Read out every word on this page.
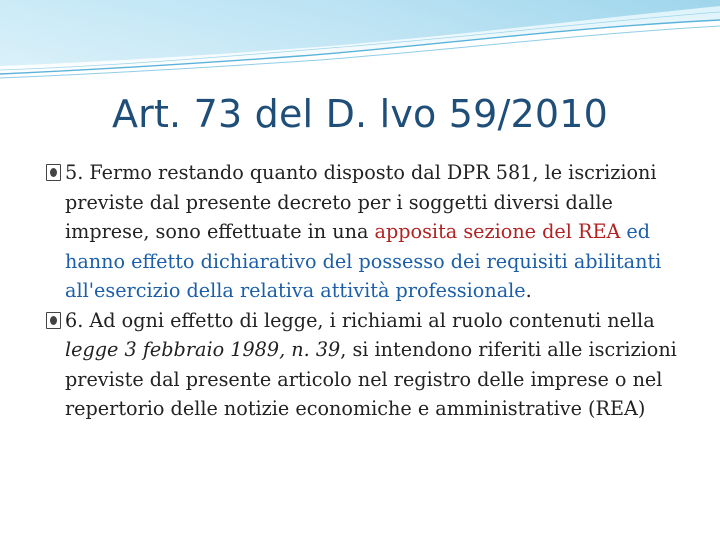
Art. 73 del D. lvo 59/2010
5. Fermo restando quanto disposto dal DPR 581, le iscrizioni previste dal presente decreto per i soggetti diversi dalle imprese, sono effettuate in una apposita sezione del REA ed hanno effetto dichiarativo del possesso dei requisiti abilitanti all'esercizio della relativa attività professionale.
6. Ad ogni effetto di legge, i richiami al ruolo contenuti nella legge 3 febbraio 1989, n. 39, si intendono riferiti alle iscrizioni previste dal presente articolo nel registro delle imprese o nel repertorio delle notizie economiche e amministrative (REA)
